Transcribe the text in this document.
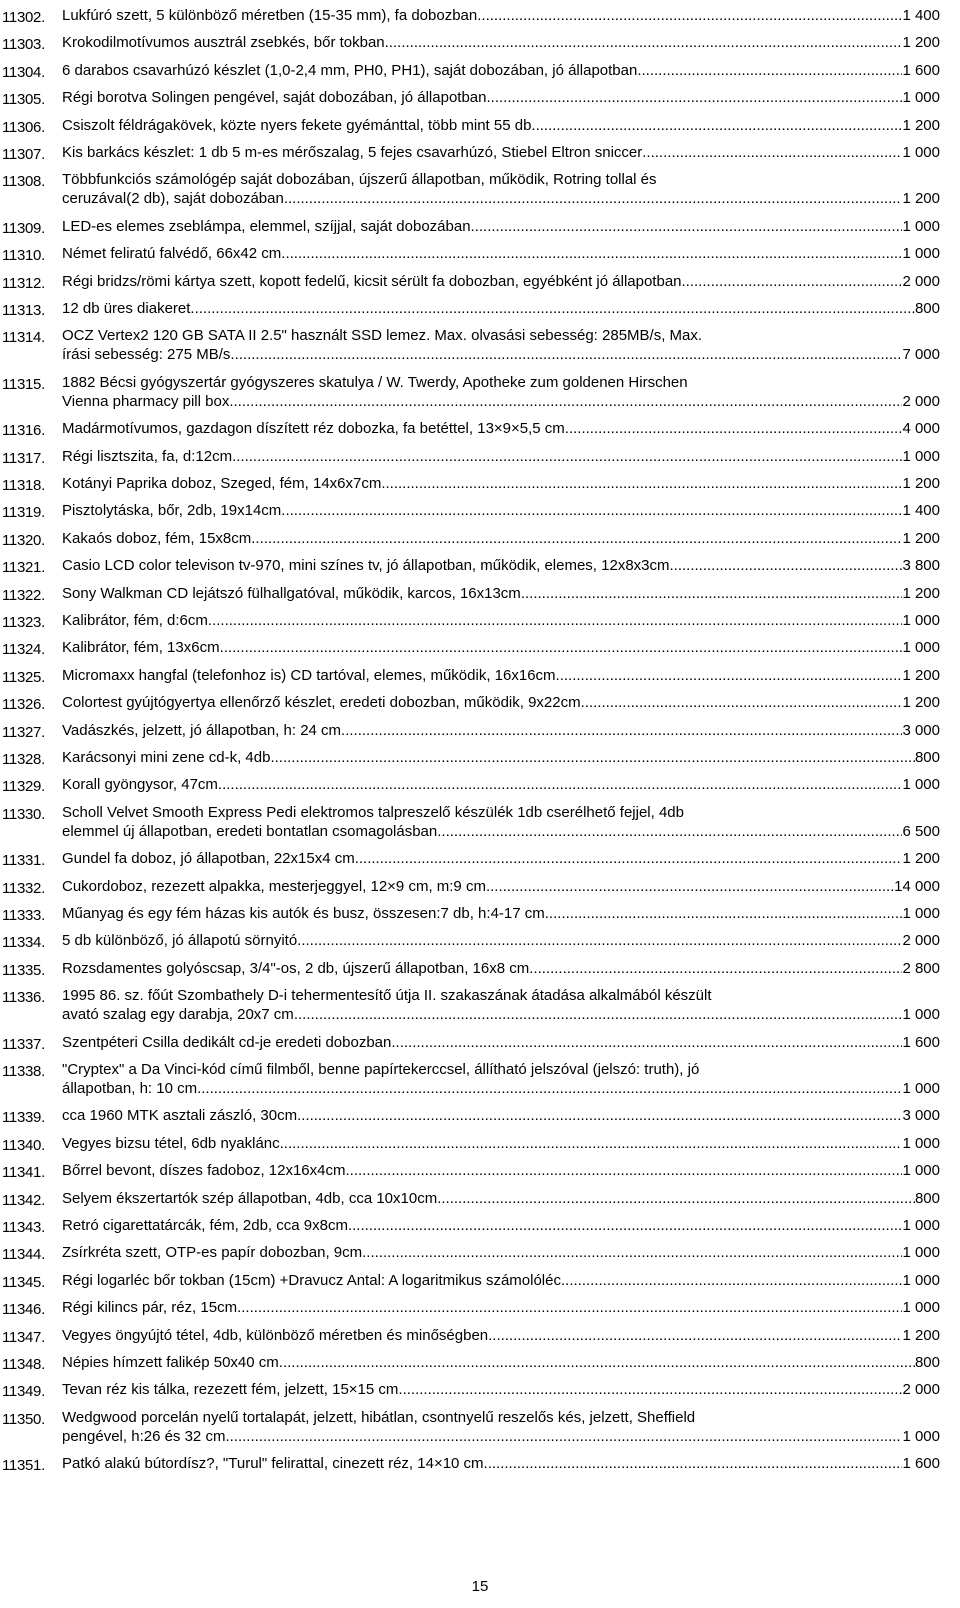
11302.	Lukfúró szett, 5 különböző méretben (15-35 mm), fa dobozban .....	1 400
11303.	Krokodilmotívumos ausztrál zsebkés, bőr tokban .....	1 200
11304.	6 darabos csavarhúzó készlet (1,0-2,4 mm, PH0, PH1), saját dobozában, jó állapotban .....	1 600
11305.	Régi borotva Solingen pengével, saját dobozában, jó állapotban .....	1 000
11306.	Csiszolt féldrágakövek, közte nyers fekete gyémánttal, több mint 55 db .....	1 200
11307.	Kis barkács készlet: 1 db 5 m-es mérőszalag, 5 fejes csavarhúzó, Stiebel Eltron sniccer .....	1 000
11308.	Többfunkciós számológép saját dobozában, újszerű állapotban, működik, Rotring tollal és
ceruzával(2 db), saját dobozában .....	1 200
11309.	LED-es elemes zseblámpa, elemmel, szíjjal, saját dobozában .....	1 000
11310.	Német feliratú falvédő, 66x42 cm .....	1 000
11312.	Régi bridzs/römi kártya szett, kopott fedelű, kicsit sérült fa dobozban, egyébként jó állapotban .....	2 000
11313.	12 db üres diakeret .....	800
11314.	OCZ Vertex2 120 GB SATA II 2.5" használt SSD lemez. Max. olvasási sebesség: 285MB/s, Max.
írási sebesség: 275 MB/s .....	7 000
11315.	1882 Bécsi gyógyszertár gyógyszeres skatulya / W. Twerdy, Apotheke zum goldenen Hirschen
Vienna pharmacy pill box .....	2 000
11316.	Madármotívumos, gazdagon díszített réz dobozka, fa betéttel, 13×9×5,5 cm .....	4 000
11317.	Régi lisztszita, fa, d:12cm .....	1 000
11318.	Kotányi Paprika doboz, Szeged, fém, 14x6x7cm .....	1 200
11319.	Pisztolytáska, bőr, 2db, 19x14cm .....	1 400
11320.	Kakaós doboz, fém, 15x8cm .....	1 200
11321.	Casio LCD color televison tv-970, mini színes tv, jó állapotban, működik, elemes, 12x8x3cm .....	3 800
11322.	Sony Walkman CD lejátszó fülhallgatóval, működik, karcos, 16x13cm .....	1 200
11323.	Kalibrátor, fém, d:6cm .....	1 000
11324.	Kalibrátor, fém, 13x6cm .....	1 000
11325.	Micromaxx hangfal (telefonhoz is) CD tartóval, elemes, működik, 16x16cm .....	1 200
11326.	Colortest gyújtógyertya ellenőrző készlet, eredeti dobozban, működik, 9x22cm .....	1 200
11327.	Vadászkés, jelzett, jó állapotban, h: 24 cm .....	3 000
11328.	Karácsonyi mini zene cd-k, 4db .....	800
11329.	Korall gyöngysor, 47cm .....	1 000
11330.	Scholl Velvet Smooth Express Pedi elektromos talpreszelő készülék 1db cserélhető fejjel, 4db
elemmel új állapotban, eredeti bontatlan csomagolásban .....	6 500
11331.	Gundel fa doboz, jó állapotban, 22x15x4 cm .....	1 200
11332.	Cukordoboz, rezezett alpakka, mesterjeggyel, 12×9 cm, m:9 cm .....	14 000
11333.	Műanyag és egy fém házas kis autók és busz, összesen:7 db, h:4-17 cm .....	1 000
11334.	5 db különböző, jó állapotú sörnyitó .....	2 000
11335.	Rozsdamentes golyóscsap, 3/4"-os, 2 db, újszerű állapotban, 16x8 cm .....	2 800
11336.	1995 86. sz. főút Szombathely D-i tehermentesítő útja II. szakaszának átadása alkalmából készült
avató szalag egy darabja, 20x7 cm .....	1 000
11337.	Szentpéteri Csilla dedikált cd-je eredeti dobozban .....	1 600
11338.	"Cryptex" a Da Vinci-kód című filmből, benne papírtekerccsel, állítható jelszóval (jelszó: truth), jó
állapotban, h: 10 cm .....	1 000
11339.	cca 1960 MTK asztali zászló, 30cm .....	3 000
11340.	Vegyes bizsu tétel, 6db nyaklánc .....	1 000
11341.	Bőrrel bevont, díszes fadoboz, 12x16x4cm .....	1 000
11342.	Selyem ékszertartók szép állapotban, 4db, cca 10x10cm .....	800
11343.	Retró cigarettatárcák, fém, 2db, cca 9x8cm .....	1 000
11344.	Zsírkréta szett, OTP-es papír dobozban, 9cm .....	1 000
11345.	Régi logarléc bőr tokban (15cm) +Dravucz Antal: A logaritmikus számolóléc. .....	1 000
11346.	Régi kilincs pár, réz, 15cm .....	1 000
11347.	Vegyes öngyújtó tétel, 4db, különböző méretben és minőségben .....	1 200
11348.	Népies hímzett falikép 50x40 cm .....	800
11349.	Tevan réz kis tálka, rezezett fém, jelzett, 15×15 cm .....	2 000
11350.	Wedgwood porcelán nyelű tortalapát, jelzett, hibátlan, csontnyelű reszelős kés, jelzett, Sheffield
pengével, h:26 és 32 cm .....	1 000
11351.	Patkó alakú bútordísz?, "Turul" felirattal, cinezett réz, 14×10 cm .....	1 600
15
